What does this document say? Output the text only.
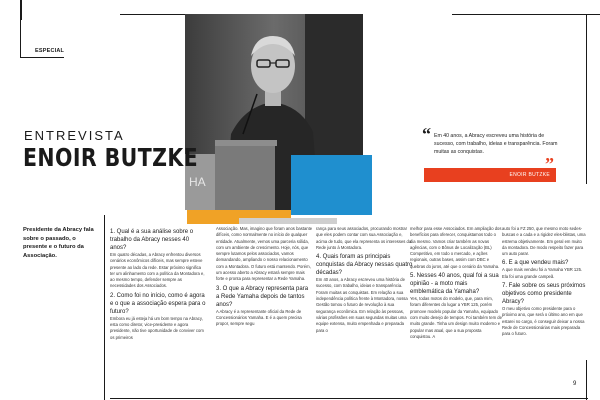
ESPECIAL
HA
ENTREVISTA
ENOIR BUTZKE
“ Em 40 anos, a Abracy escreveu uma história de sucesso, com trabalho, ideias e transparência. Foram muitas as conquistas.
ENOIR BUTZKE
”
Presidente da Abracy fala sobre o passado, o presente e o futuro da Associação.
1. Qual é a sua análise sobre o trabalho da Abracy nesses 40 anos?

Em quatro décadas, a Abracy enfrentou diversos cenários econômicos difíceis, mas sempre esteve presente ao lado da rede. Estar próximo significa ter um alinhamento com a política da Montadora e, ao mesmo tempo, defender sempre as necessidades dos Associados.

2. Como foi no início, como é agora e o que a associação espera para o futuro?

Embora eu já esteja há um bom tempo na Abracy, esta como diretor, vice-presidente e agora presidente, não tive oportunidade de conviver com os primeiros

Associação. Mas, imagino que foram anos bastante difíceis, como normalmente no início de qualquer entidade. Atualmente, vemos uma parceria sólida, com um ambiente de crescimento. Hoje, nós, que sempre lutamos pelos associados, vamos demandando, ampliando o nosso relacionamento com a Montadora. O futuro está mantendo. Porém, um acesso aberto a Abracy estará sempre mais forte e pronta para representar a Rede Yamaha.

3. O que a Abracy representa para a Rede Yamaha depois de tantos anos?

A Abracy é a representante oficial da Rede de Concessionários Yamaha. E é a quem precisa propor, sempre segu

rança para seus associados, procurando mostrar que eles podem contar com sua Associação e, acima de tudo, que ela representa os interesses da Rede junto à Montadora.

4. Quais foram as principais conquistas da Abracy nessas quatro décadas?

Em 40 anos, a Abracy escreveu uma história de sucesso, com trabalho, ideias e transparência. Foram muitas as conquistas. Em relação a sua independência política frente à Montadora, nossa Gestão tomou o futuro de revolução à sua segurança econômica. Em relação às pessoas, várias profissões em suas segundas muitas uma equipe extensa, muito empenhada e preparada para o

melhor para esse Associados. Em ampliação dos benefícios para oferecer, conquistamos todo o dia mesmo. Vamos criar também as novas agências, com o Bônus de Localização (BL) Competitivo, em todo o mercado, e ações regionais, outras bases, assim com DBC e quebras do juros, até que o cenário da Yamaha.

5. Nesses 40 anos, qual foi a sua opinião - a moto mais emblemática da Yamaha?

Yes, todas motos do modelo, que, para mim, foram diferentes do lugar a YBR 125, porém promove modelo popular da Yamaha, equipado com muito desejo de tempos. Foi também tem de muito grande. Tinha um design muito moderno e popular mas atual, que a sua proposta conquistou. A

auto foi a FZ 250, que mesmo moto sedes-buscas e a cada e a rigidez eles-blistas, uma estrema objetivamente. Em geral em muito da montadora. De modo respeito fazer para um auto parar.

6. E a que vendeu mais?

A que mais vendeu foi a Yamaha YBR 125. Ela foi uma grande campeã.

7. Fale sobre os seus próximos objetivos como presidente Abracy?

O meu objetivo como presidente para o próximo ano, que será o último ano em que estarei no cargo, é conseguir deixar a nossa Rede de Concessionárias mais preparada para o futuro.

9
